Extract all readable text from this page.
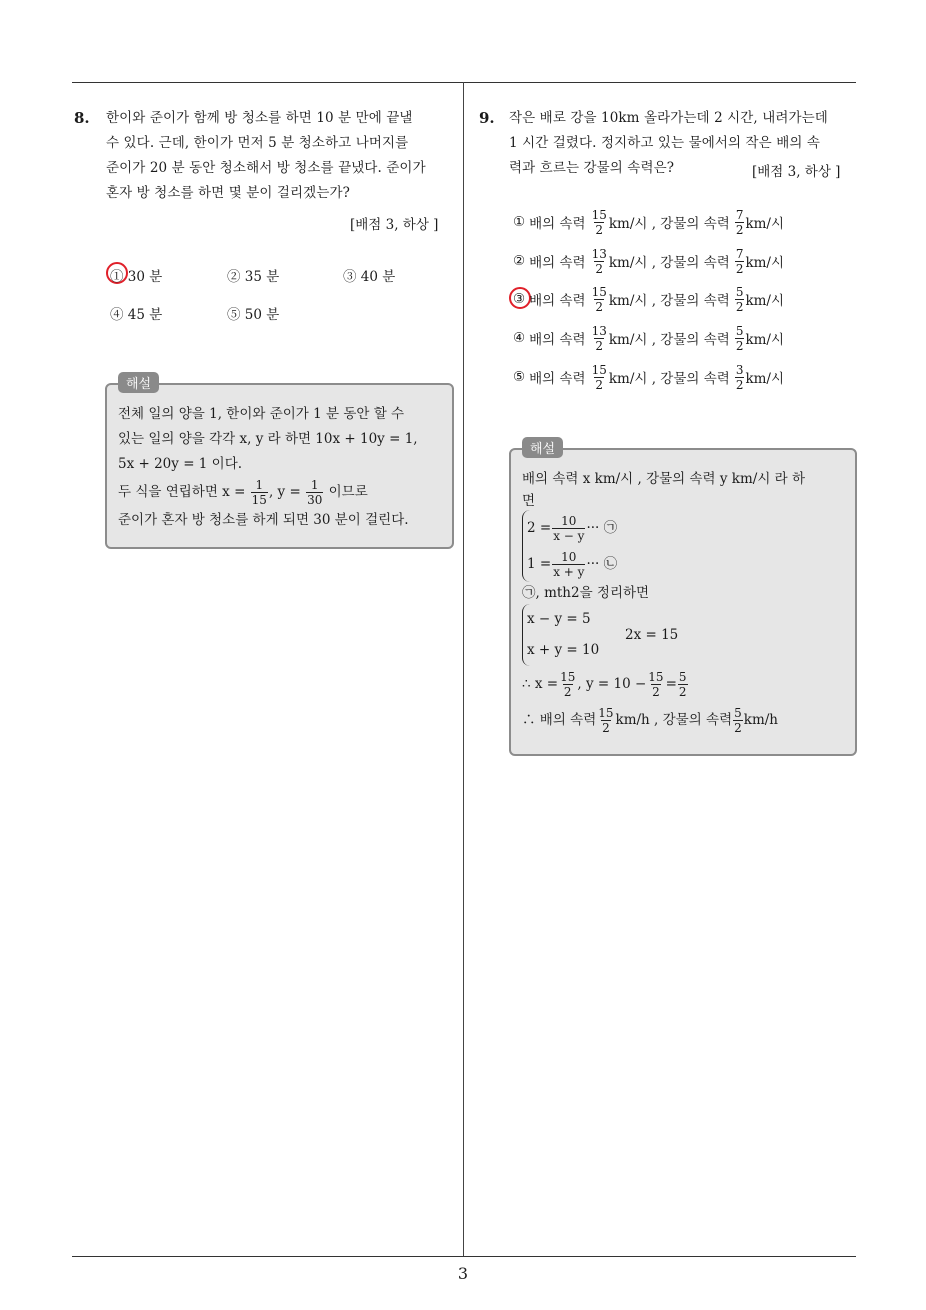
3
8. 한이와 준이가 함께 방 청소를 하면 10 분 만에 끝낼
수 있다. 근데, 한이가 먼저 5 분 청소하고 나머지를
준이가 20 분 동안 청소해서 방 청소를 끝냈다. 준이가
혼자 방 청소를 하면 몇 분이 걸리겠는가?
[배점 3, 하상 ]
① 30 분	② 35 분	③ 40 분
④ 45 분	⑤ 50 분
해설
전체 일의 양을 1, 한이와 준이가 1 분 동안 할 수
있는 일의 양을 각각 x, y 라 하면 10x + 10y = 1,
5x + 20y = 1 이다.
두 식을 연립하면 $x = \frac{1}{15}$ , $y = \frac{1}{30}$ 이므로
준이가 혼자 방 청소를 하게 되면 30 분이 걸린다.
9. 작은 배로 강을 10km 올라가는데 2 시간, 내려가는데
1 시간 걸렸다. 정지하고 있는 물에서의 작은 배의 속
력과 흐르는 강물의 속력은?	[배점 3, 하상 ]
① 배의 속력 $\frac{15}{2} km/$시 , 강물의 속력 $\frac{7}{2} km/$시
② 배의 속력 $\frac{13}{2} km/$시 , 강물의 속력 $\frac{7}{2} km/$시
③ 배의 속력 $\frac{15}{2} km/$시 , 강물의 속력 $\frac{5}{2} km/$시
④ 배의 속력 $\frac{13}{2} km/$시 , 강물의 속력 $\frac{5}{2} km/$시
⑤ 배의 속력 $\frac{15}{2} km/$시 , 강물의 속력 $\frac{3}{2} km/$시
해설
배의 속력 x km/시 , 강물의 속력 y km/시 라 하
면
$2 = \frac{10}{x - y}$ ··· ㉠
$1 = \frac{10}{x + y}$ ··· ㉡
㉠, mth2을 정리하면
x − y = 5
x + y = 10
2x = 15
∴ $x = \frac{15}{2}$ , $y = 10 - \frac{15}{2} = \frac{5}{2}$
∴ 배의 속력 $\frac{15}{2} km/h$ , 강물의 속력 $\frac{5}{2} km/h$
